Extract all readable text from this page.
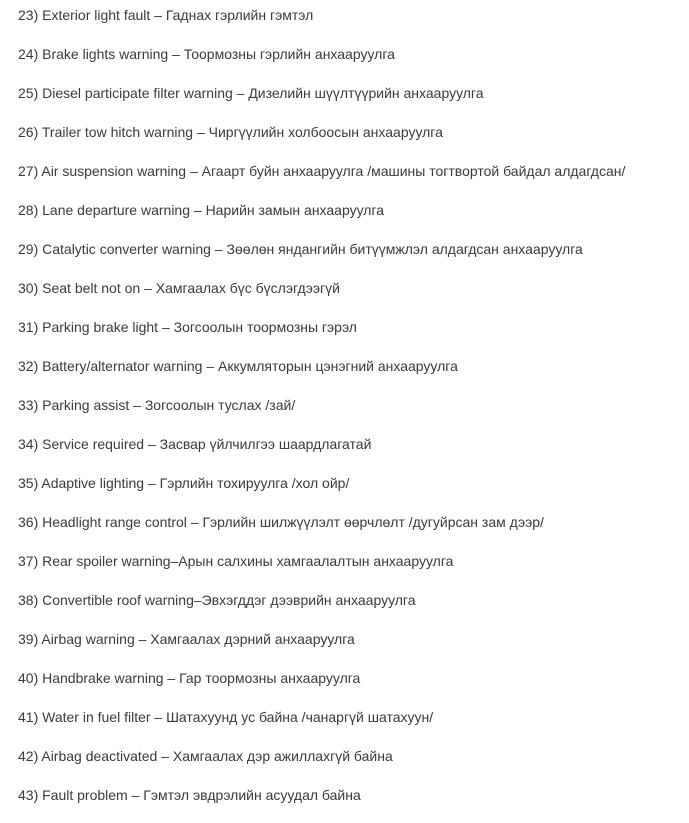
23) Exterior light fault – Гаднах гэрлийн гэмтэл
24) Brake lights warning – Тоормозны гэрлийн анхааруулга
25) Diesel participate filter warning – Дизелийн шүүлтүүрийн анхааруулга
26) Trailer tow hitch warning – Чиргүүлийн холбоосын анхааруулга
27) Air suspension warning – Агаарт буйн анхааруулга /машины тогтвортой байдал алдагдсан/
28) Lane departure warning – Нарийн замын анхааруулга
29) Catalytic converter warning – Зөөлөн яндангийн битүүмжлэл алдагдсан анхааруулга
30) Seat belt not on – Хамгаалах бүс бүслэгдээгүй
31) Parking brake light – Зогсоолын тоормозны гэрэл
32) Battery/alternator warning – Аккумляторын цэнэгний анхааруулга
33) Parking assist – Зогсоолын туслах /зай/
34) Service required – Засвар үйлчилгээ шаардлагатай
35) Adaptive lighting – Гэрлийн тохируулга /хол ойр/
36) Headlight range control – Гэрлийн шилжүүлэлт өөрчлөлт /дугуйрсан зам дээр/
37) Rear spoiler warning–Арын салхины хамгаалалтын анхааруулга
38) Convertible roof warning–Эвхэгддэг дээврийн анхааруулга
39) Airbag warning – Хамгаалах дэрний анхааруулга
40) Handbrake warning – Гар тоормозны анхааруулга
41) Water in fuel filter – Шатахуунд ус байна /чанаргүй шатахуун/
42) Airbag deactivated – Хамгаалах дэр ажиллахгүй байна
43) Fault problem – Гэмтэл эвдрэлийн асуудал байна
